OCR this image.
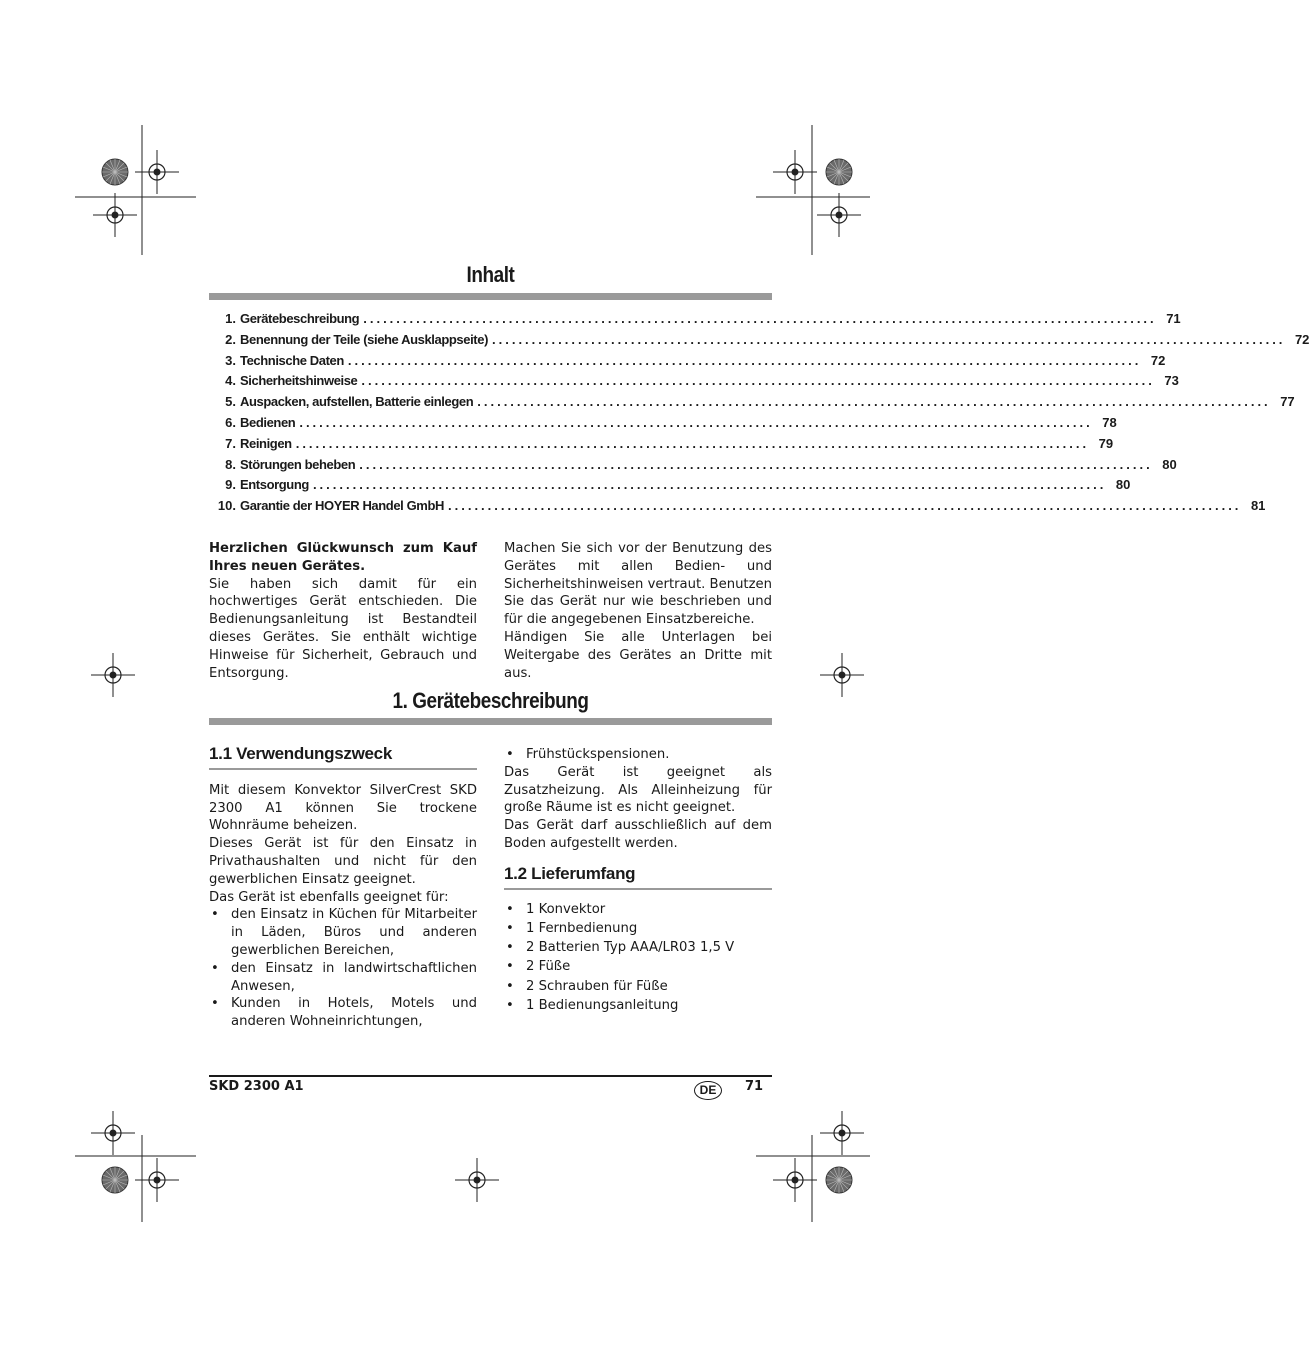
Inhalt
1. Gerätebeschreibung ........................................................................................................................ 71
2. Benennung der Teile (siehe Ausklappseite) ........................................................................................................................ 72
3. Technische Daten ........................................................................................................................ 72
4. Sicherheitshinweise ........................................................................................................................ 73
5. Auspacken, aufstellen, Batterie einlegen ........................................................................................................................ 77
6. Bedienen ........................................................................................................................ 78
7. Reinigen ........................................................................................................................ 79
8. Störungen beheben ........................................................................................................................ 80
9. Entsorgung ........................................................................................................................ 80
10. Garantie der HOYER Handel GmbH ........................................................................................................................ 81

Herzlichen Glückwunsch zum Kauf Ihres neuen Gerätes.

Sie haben sich damit für ein hochwertiges Gerät entschieden. Die Bedienungsanleitung ist Bestandteil dieses Gerätes. Sie enthält wichtige Hinweise für Sicherheit, Gebrauch und Entsorgung.

Machen Sie sich vor der Benutzung des Gerätes mit allen Bedien- und Sicherheitshinweisen vertraut. Benutzen Sie das Gerät nur wie beschrieben und für die angegebenen Einsatzbereiche.

Händigen Sie alle Unterlagen bei Weitergabe des Gerätes an Dritte mit aus.

1. Gerätebeschreibung
1.1 Verwendungszweck

Mit diesem Konvektor SilverCrest SKD 2300 A1 können Sie trockene Wohnräume beheizen.

Dieses Gerät ist für den Einsatz in Privathaushalten und nicht für den gewerblichen Einsatz geeignet.

Das Gerät ist ebenfalls geeignet für:

• den Einsatz in Küchen für Mitarbeiter in Läden, Büros und anderen gewerblichen Bereichen,
• den Einsatz in landwirtschaftlichen Anwesen,
• Kunden in Hotels, Motels und anderen Wohneinrichtungen,
• Frühstückspensionen.

Das Gerät ist geeignet als Zusatzheizung. Als Alleinheizung für große Räume ist es nicht geeignet.

Das Gerät darf ausschließlich auf dem Boden aufgestellt werden.

1.2 Lieferumfang
• 1 Konvektor
• 1 Fernbedienung
• 2 Batterien Typ AAA/LR03 1,5 V
• 2 Füße
• 2 Schrauben für Füße
• 1 Bedienungsanleitung
SKD 2300 A1	DE	71
